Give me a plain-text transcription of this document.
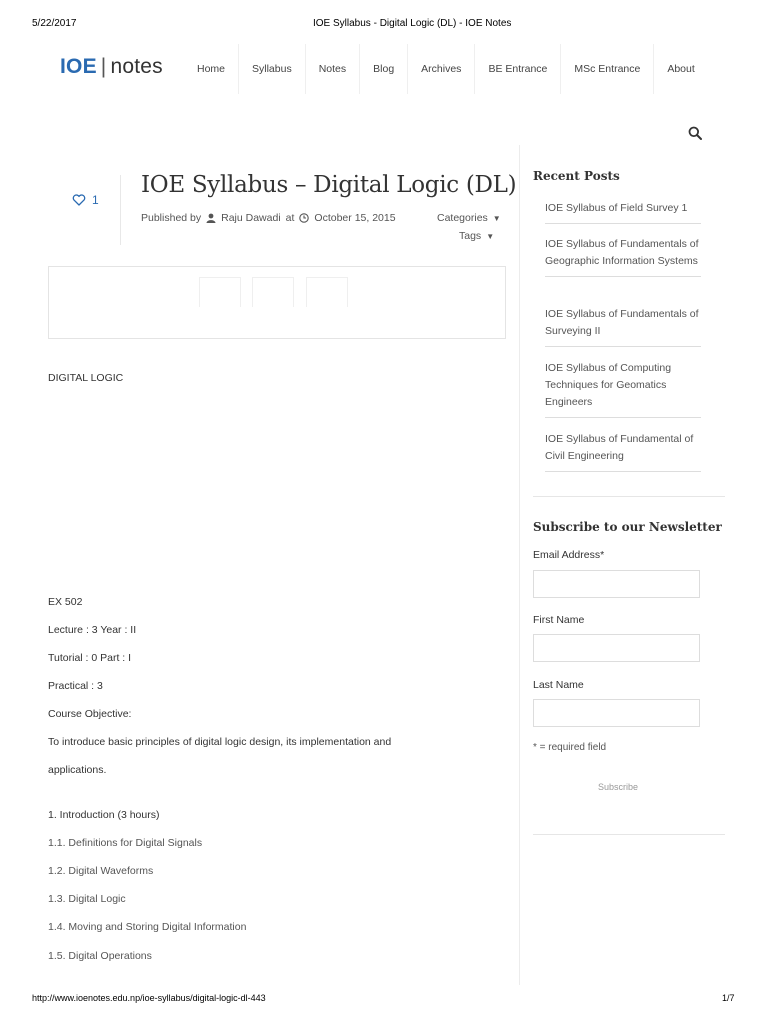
5/22/2017	IOE Syllabus - Digital Logic (DL) - IOE Notes
IOE | notes	Home	Syllabus	Notes	Blog	Archives	BE Entrance	MSc Entrance	About
1
IOE Syllabus – Digital Logic (DL)
Published by Raju Dawadi at October 15, 2015	Categories ▼
Tags ▼
DIGITAL LOGIC
EX 502
Lecture : 3 Year : II
Tutorial : 0 Part : I
Practical : 3
Course Objective:
To introduce basic principles of digital logic design, its implementation and
applications.
1. Introduction (3 hours)
1.1. Definitions for Digital Signals
1.2. Digital Waveforms
1.3. Digital Logic
1.4. Moving and Storing Digital Information
1.5. Digital Operations
Recent Posts
IOE Syllabus of Field Survey 1
IOE Syllabus of Fundamentals of Geographic Information Systems
IOE Syllabus of Fundamentals of Surveying II
IOE Syllabus of Computing Techniques for Geomatics Engineers
IOE Syllabus of Fundamental of Civil Engineering
Subscribe to our Newsletter
Email Address*
First Name
Last Name
* = required field
Subscribe
http://www.ioenotes.edu.np/ioe-syllabus/digital-logic-dl-443	1/7
